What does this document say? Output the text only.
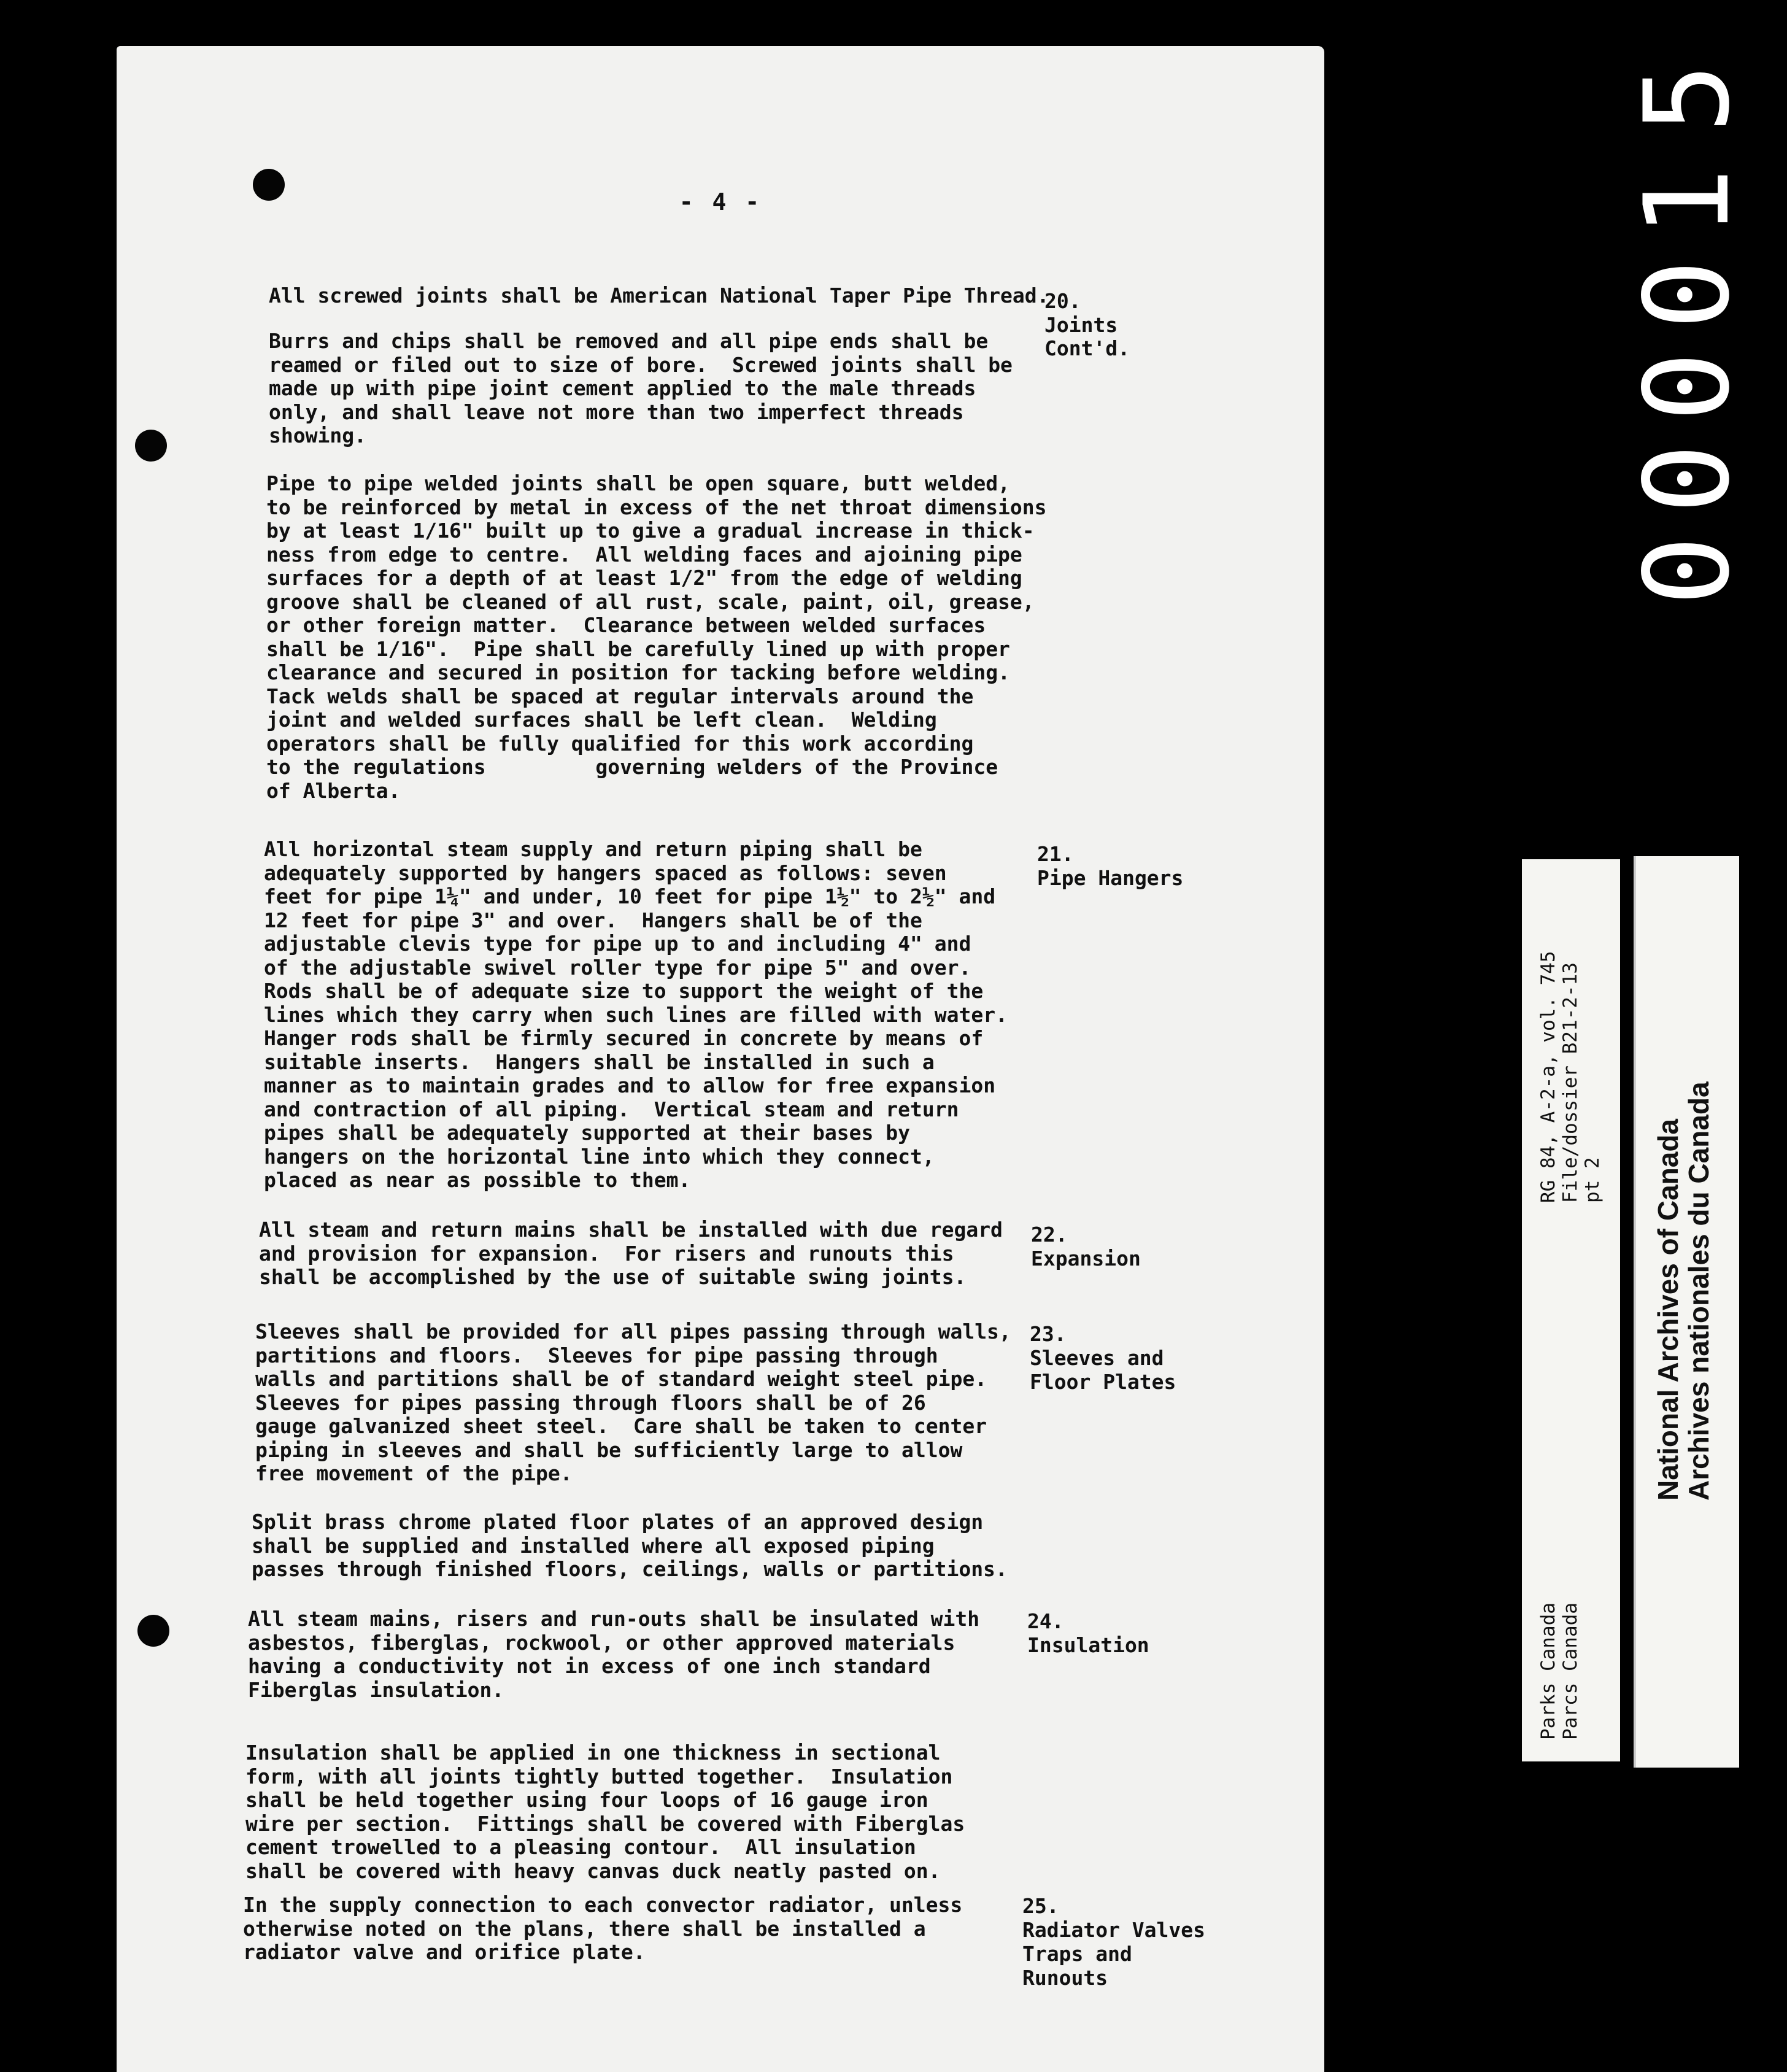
- 4 -

All screwed joints shall be American National Taper Pipe Thread.

20.

Joints

Cont'd.

Burrs and chips shall be removed and all pipe ends shall be
reamed or filed out to size of bore.  Screwed joints shall be
made up with pipe joint cement applied to the male threads
only, and shall leave not more than two imperfect threads
showing.

Pipe to pipe welded joints shall be open square, butt welded,
to be reinforced by metal in excess of the net throat dimensions
by at least 1/16" built up to give a gradual increase in thick-
ness from edge to centre.  All welding faces and ajoining pipe
surfaces for a depth of at least 1/2" from the edge of welding
groove shall be cleaned of all rust, scale, paint, oil, grease,
or other foreign matter.  Clearance between welded surfaces
shall be 1/16".  Pipe shall be carefully lined up with proper
clearance and secured in position for tacking before welding.
Tack welds shall be spaced at regular intervals around the
joint and welded surfaces shall be left clean.  Welding
operators shall be fully qualified for this work according
to the regulations         governing welders of the Province
of Alberta.

All horizontal steam supply and return piping shall be
adequately supported by hangers spaced as follows: seven
feet for pipe 1¼" and under, 10 feet for pipe 1½" to 2½" and
12 feet for pipe 3" and over.  Hangers shall be of the
adjustable clevis type for pipe up to and including 4" and
of the adjustable swivel roller type for pipe 5" and over.
Rods shall be of adequate size to support the weight of the
lines which they carry when such lines are filled with water.
Hanger rods shall be firmly secured in concrete by means of
suitable inserts.  Hangers shall be installed in such a
manner as to maintain grades and to allow for free expansion
and contraction of all piping.  Vertical steam and return
pipes shall be adequately supported at their bases by
hangers on the horizontal line into which they connect,
placed as near as possible to them.

21.

Pipe Hangers

All steam and return mains shall be installed with due regard
and provision for expansion.  For risers and runouts this
shall be accomplished by the use of suitable swing joints.

22.

Expansion

Sleeves shall be provided for all pipes passing through walls,
partitions and floors.  Sleeves for pipe passing through
walls and partitions shall be of standard weight steel pipe.
Sleeves for pipes passing through floors shall be of 26
gauge galvanized sheet steel.  Care shall be taken to center
piping in sleeves and shall be sufficiently large to allow
free movement of the pipe.

23.

Sleeves and

Floor Plates

Split brass chrome plated floor plates of an approved design
shall be supplied and installed where all exposed piping
passes through finished floors, ceilings, walls or partitions.

All steam mains, risers and run-outs shall be insulated with
asbestos, fiberglas, rockwool, or other approved materials
having a conductivity not in excess of one inch standard
Fiberglas insulation.

24.

Insulation

Insulation shall be applied in one thickness in sectional
form, with all joints tightly butted together.  Insulation
shall be held together using four loops of 16 gauge iron
wire per section.  Fittings shall be covered with Fiberglas
cement trowelled to a pleasing contour.  All insulation
shall be covered with heavy canvas duck neatly pasted on.

In the supply connection to each convector radiator, unless
otherwise noted on the plans, there shall be installed a
radiator valve and orifice plate.

25.

Radiator Valves

Traps and

Runouts

0
0
0
0
1
5
RG 84, A-2-a, vol. 745 File/dossier B21-2-13 pt 2
Parks Canada Parcs Canada
National Archives of Canada
Archives nationales du Canada
